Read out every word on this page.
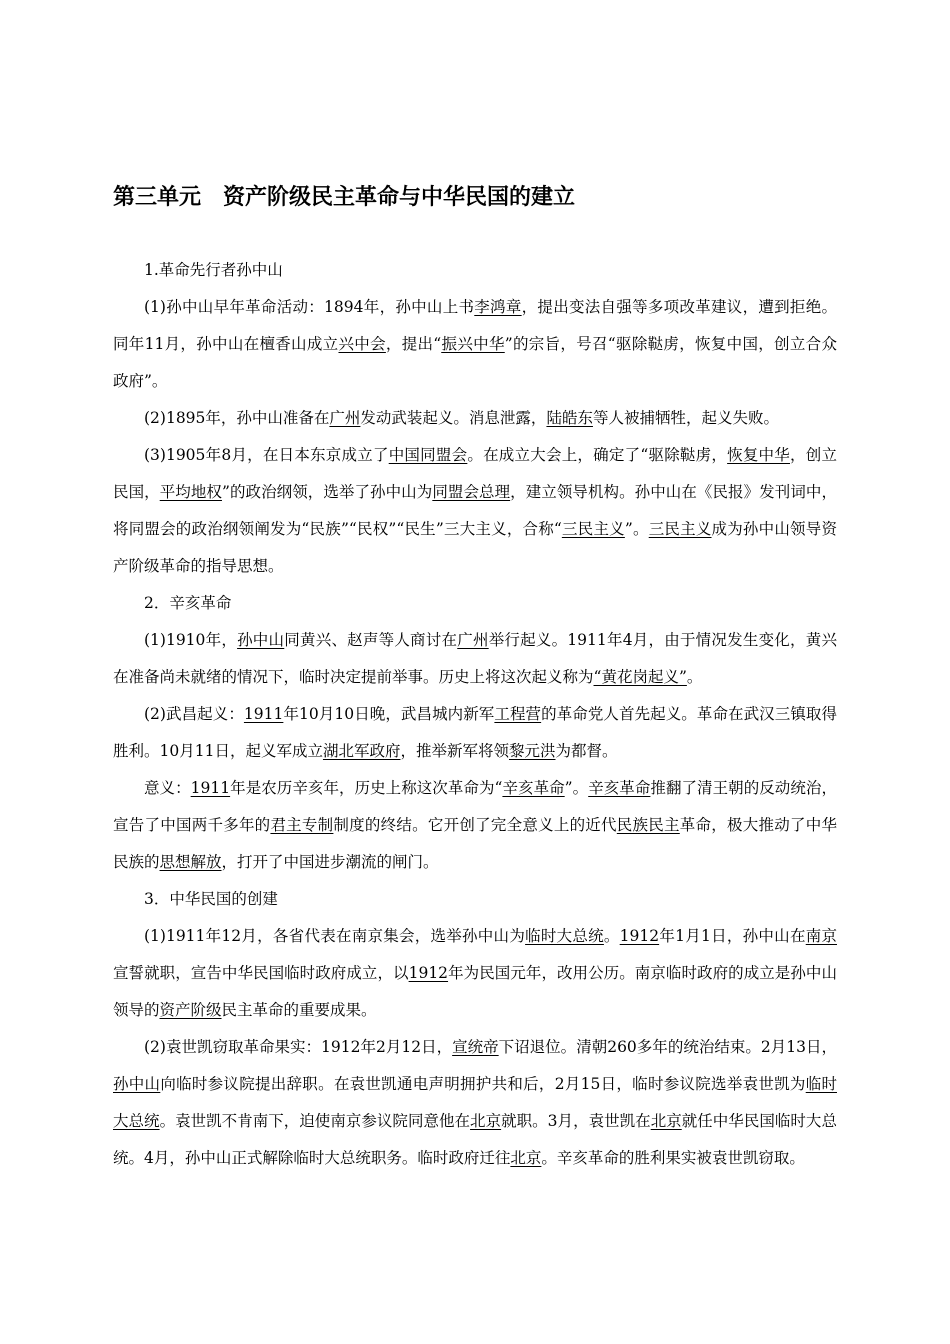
第三单元　资产阶级民主革命与中华民国的建立

1.革命先行者孙中山

(1)孙中山早年革命活动：1894年，孙中山上书李鸿章，提出变法自强等多项改革建议，遭到拒绝。同年11月，孙中山在檀香山成立兴中会，提出“振兴中华”的宗旨，号召“驱除鞑虏，恢复中国，创立合众政府”。

(2)1895年，孙中山准备在广州发动武装起义。消息泄露，陆皓东等人被捕牺牲，起义失败。

(3)1905年8月，在日本东京成立了中国同盟会。在成立大会上，确定了“驱除鞑虏，恢复中华，创立民国，平均地权”的政治纲领，选举了孙中山为同盟会总理，建立领导机构。孙中山在《民报》发刊词中，将同盟会的政治纲领阐发为“民族”“民权”“民生”三大主义，合称“三民主义”。三民主义成为孙中山领导资产阶级革命的指导思想。

2．辛亥革命

(1)1910年，孙中山同黄兴、赵声等人商讨在广州举行起义。1911年4月，由于情况发生变化，黄兴在准备尚未就绪的情况下，临时决定提前举事。历史上将这次起义称为“黄花岗起义”。

(2)武昌起义：1911年10月10日晚，武昌城内新军工程营的革命党人首先起义。革命在武汉三镇取得胜利。10月11日，起义军成立湖北军政府，推举新军将领黎元洪为都督。

意义：1911年是农历辛亥年，历史上称这次革命为“辛亥革命”。辛亥革命推翻了清王朝的反动统治，宣告了中国两千多年的君主专制制度的终结。它开创了完全意义上的近代民族民主革命，极大推动了中华民族的思想解放，打开了中国进步潮流的闸门。

3．中华民国的创建

(1)1911年12月，各省代表在南京集会，选举孙中山为临时大总统。1912年1月1日，孙中山在南京宣誓就职，宣告中华民国临时政府成立，以1912年为民国元年，改用公历。南京临时政府的成立是孙中山领导的资产阶级民主革命的重要成果。

(2)袁世凯窃取革命果实：1912年2月12日，宣统帝下诏退位。清朝260多年的统治结束。2月13日，孙中山向临时参议院提出辞职。在袁世凯通电声明拥护共和后，2月15日，临时参议院选举袁世凯为临时大总统。袁世凯不肯南下，迫使南京参议院同意他在北京就职。3月，袁世凯在北京就任中华民国临时大总统。4月，孙中山正式解除临时大总统职务。临时政府迁往北京。辛亥革命的胜利果实被袁世凯窃取。
